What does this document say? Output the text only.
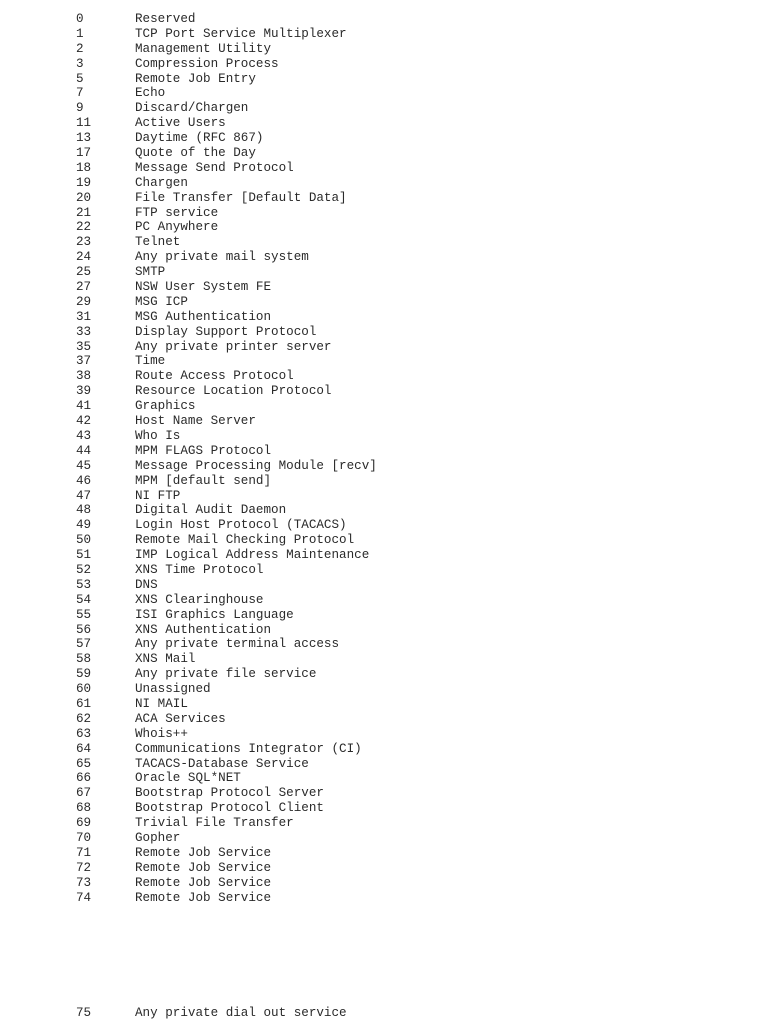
0	Reserved
1	TCP Port Service Multiplexer
2	Management Utility
3	Compression Process
5	Remote Job Entry
7	Echo
9	Discard/Chargen
11	Active Users
13	Daytime (RFC 867)
17	Quote of the Day
18	Message Send Protocol
19	Chargen
20	File Transfer [Default Data]
21	FTP service
22	PC Anywhere
23	Telnet
24	Any private mail system
25	SMTP
27	NSW User System FE
29	MSG ICP
31	MSG Authentication
33	Display Support Protocol
35	Any private printer server
37	Time
38	Route Access Protocol
39	Resource Location Protocol
41	Graphics
42	Host Name Server
43	Who Is
44	MPM FLAGS Protocol
45	Message Processing Module [recv]
46	MPM [default send]
47	NI FTP
48	Digital Audit Daemon
49	Login Host Protocol (TACACS)
50	Remote Mail Checking Protocol
51	IMP Logical Address Maintenance
52	XNS Time Protocol
53	DNS
54	XNS Clearinghouse
55	ISI Graphics Language
56	XNS Authentication
57	Any private terminal access
58	XNS Mail
59	Any private file service
60	Unassigned
61	NI MAIL
62	ACA Services
63	Whois++
64	Communications Integrator (CI)
65	TACACS-Database Service
66	Oracle SQL*NET
67	Bootstrap Protocol Server
68	Bootstrap Protocol Client
69	Trivial File Transfer
70	Gopher
71	Remote Job Service
72	Remote Job Service
73	Remote Job Service
74	Remote Job Service
75	Any private dial out service
